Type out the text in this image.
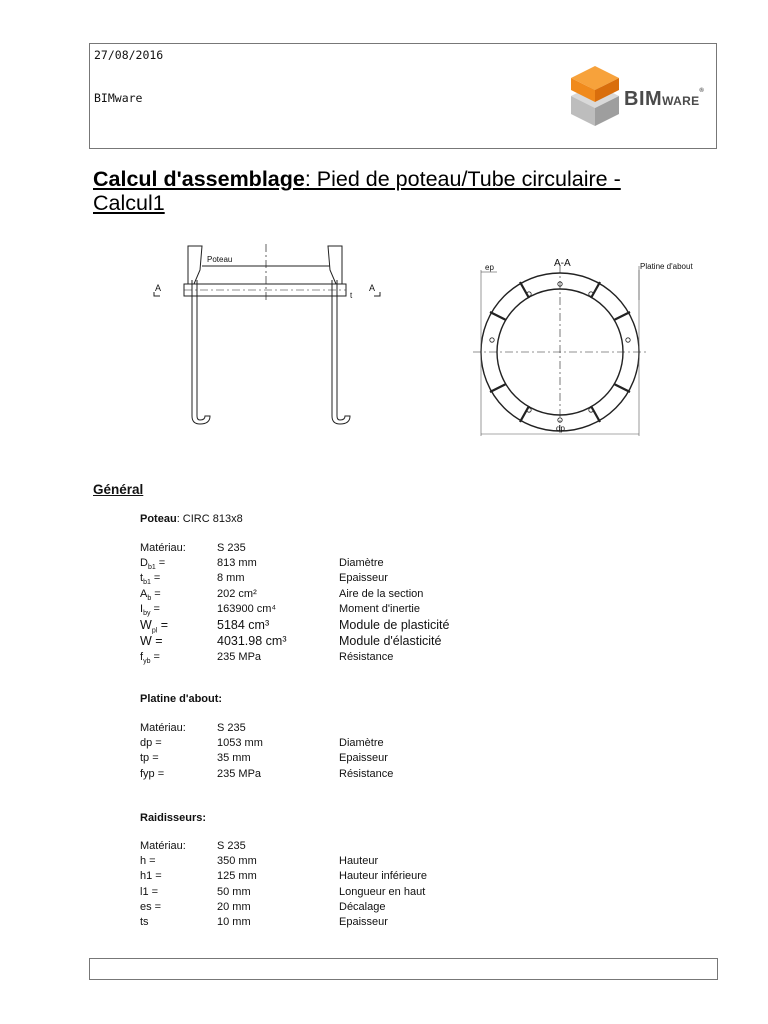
27/08/2016
BIMware	BIMWARE®
Calcul d'assemblage: Pied de poteau/Tube circulaire - Calcul1
Poteau
A	A
t
A-A
ep
dp
Platine d'about
Général
Poteau: CIRC 813x8
Matériau:	S 235
$D_{b1}$ =	813 mm	Diamètre
$t_{b1}$ =	8 mm	Epaisseur
$A_b$ =	202 cm²	Aire de la section
$I_{by}$ =	163900 cm⁴	Moment d'inertie
$W_{pl}$ =	5184 cm³	Module de plasticité
W =	4031.98 cm³	Module d'élasticité
$f_{yb}$ =	235 MPa	Résistance
Platine d'about:
Matériau:	S 235
dp =	1053 mm	Diamètre
tp =	35 mm	Epaisseur
fyp =	235 MPa	Résistance
Raidisseurs:
Matériau:	S 235
h =	350 mm	Hauteur
h1 =	125 mm	Hauteur inférieure
l1 =	50 mm	Longueur en haut
es =	20 mm	Décalage
ts	10 mm	Epaisseur
